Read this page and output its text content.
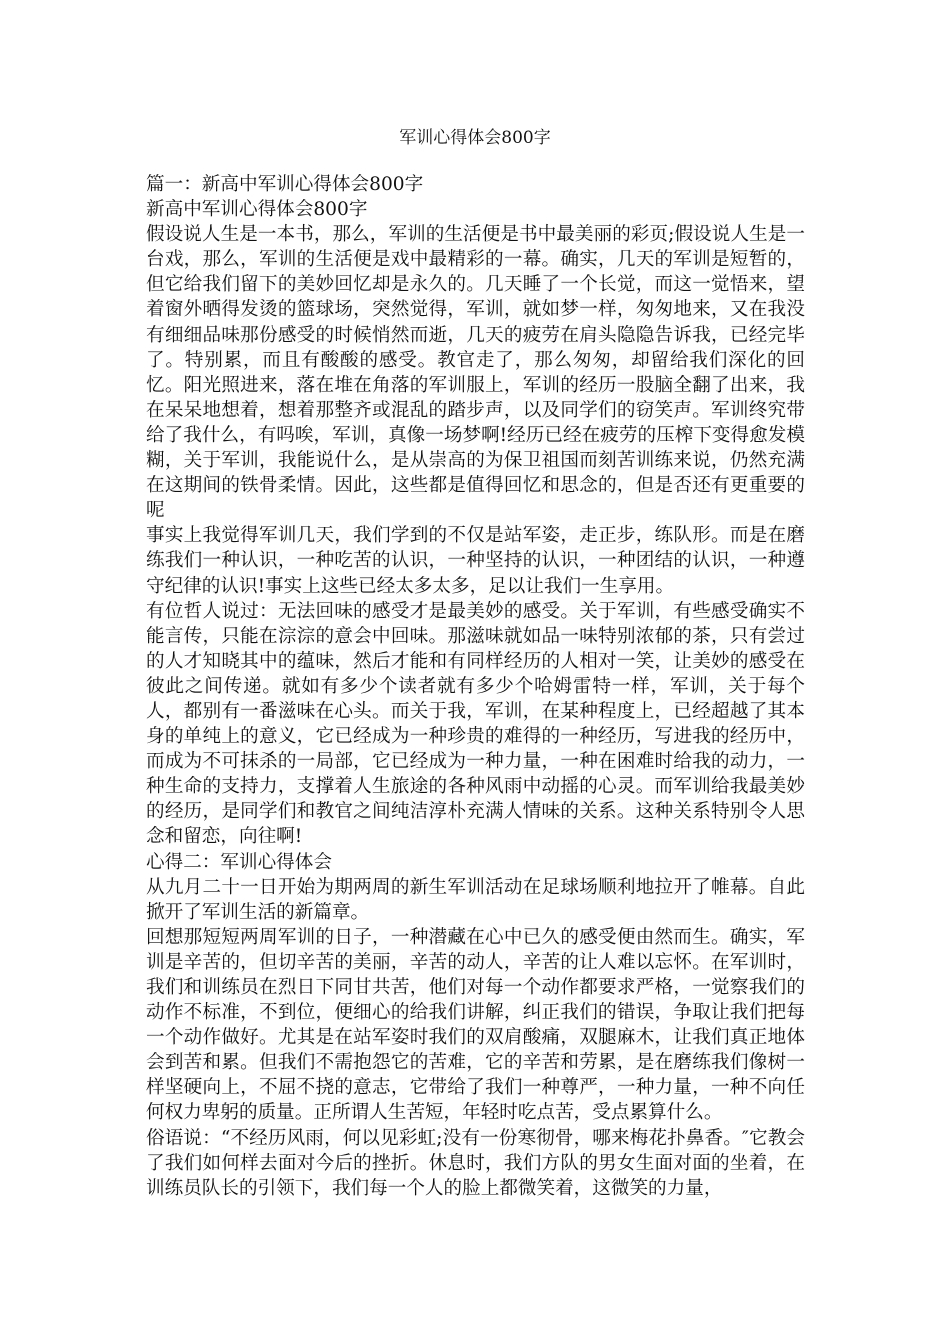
军训心得体会800字

篇一：新高中军训心得体会800字

新高中军训心得体会800字

假设说人生是一本书，那么，军训的生活便是书中最美丽的彩页;假设说人生是一台戏，那么，军训的生活便是戏中最精彩的一幕。确实，几天的军训是短暂的，但它给我们留下的美妙回忆却是永久的。几天睡了一个长觉，而这一觉悟来，望着窗外晒得发烫的篮球场，突然觉得，军训，就如梦一样，匆匆地来，又在我没有细细品味那份感受的时候悄然而逝，几天的疲劳在肩头隐隐告诉我，已经完毕了。特别累，而且有酸酸的感受。教官走了，那么匆匆，却留给我们深化的回忆。阳光照进来，落在堆在角落的军训服上，军训的经历一股脑全翻了出来，我在呆呆地想着，想着那整齐或混乱的踏步声，以及同学们的窃笑声。军训终究带给了我什么，有吗唉，军训，真像一场梦啊!经历已经在疲劳的压榨下变得愈发模糊，关于军训，我能说什么，是从崇高的为保卫祖国而刻苦训练来说，仍然充满在这期间的铁骨柔情。因此，这些都是值得回忆和思念的，但是否还有更重要的呢

事实上我觉得军训几天，我们学到的不仅是站军姿，走正步，练队形。而是在磨练我们一种认识，一种吃苦的认识，一种坚持的认识，一种团结的认识，一种遵守纪律的认识!事实上这些已经太多太多，足以让我们一生享用。

有位哲人说过：无法回味的感受才是最美妙的感受。关于军训，有些感受确实不能言传，只能在淙淙的意会中回味。那滋味就如品一味特别浓郁的茶，只有尝过的人才知晓其中的蕴味，然后才能和有同样经历的人相对一笑，让美妙的感受在彼此之间传递。就如有多少个读者就有多少个哈姆雷特一样，军训，关于每个人，都别有一番滋味在心头。而关于我，军训，在某种程度上，已经超越了其本身的单纯上的意义，它已经成为一种珍贵的难得的一种经历，写进我的经历中，而成为不可抹杀的一局部，它已经成为一种力量，一种在困难时给我的动力，一种生命的支持力，支撑着人生旅途的各种风雨中动摇的心灵。而军训给我最美妙的经历，是同学们和教官之间纯洁淳朴充满人情味的关系。这种关系特别令人思念和留恋，向往啊!

心得二：军训心得体会

从九月二十一日开始为期两周的新生军训活动在足球场顺利地拉开了帷幕。自此掀开了军训生活的新篇章。

回想那短短两周军训的日子，一种潜藏在心中已久的感受便由然而生。确实，军训是辛苦的，但切辛苦的美丽，辛苦的动人，辛苦的让人难以忘怀。在军训时，我们和训练员在烈日下同甘共苦，他们对每一个动作都要求严格，一觉察我们的动作不标准，不到位，便细心的给我们讲解，纠正我们的错误，争取让我们把每一个动作做好。尤其是在站军姿时我们的双肩酸痛，双腿麻木，让我们真正地体会到苦和累。但我们不需抱怨它的苦难，它的辛苦和劳累，是在磨练我们像树一样坚硬向上，不屈不挠的意志，它带给了我们一种尊严，一种力量，一种不向任何权力卑躬的质量。正所谓人生苦短，年轻时吃点苦，受点累算什么。

俗语说：“不经历风雨，何以见彩虹;没有一份寒彻骨，哪来梅花扑鼻香。″它教会了我们如何样去面对今后的挫折。休息时，我们方队的男女生面对面的坐着，在训练员队长的引领下，我们每一个人的脸上都微笑着，这微笑的力量，
